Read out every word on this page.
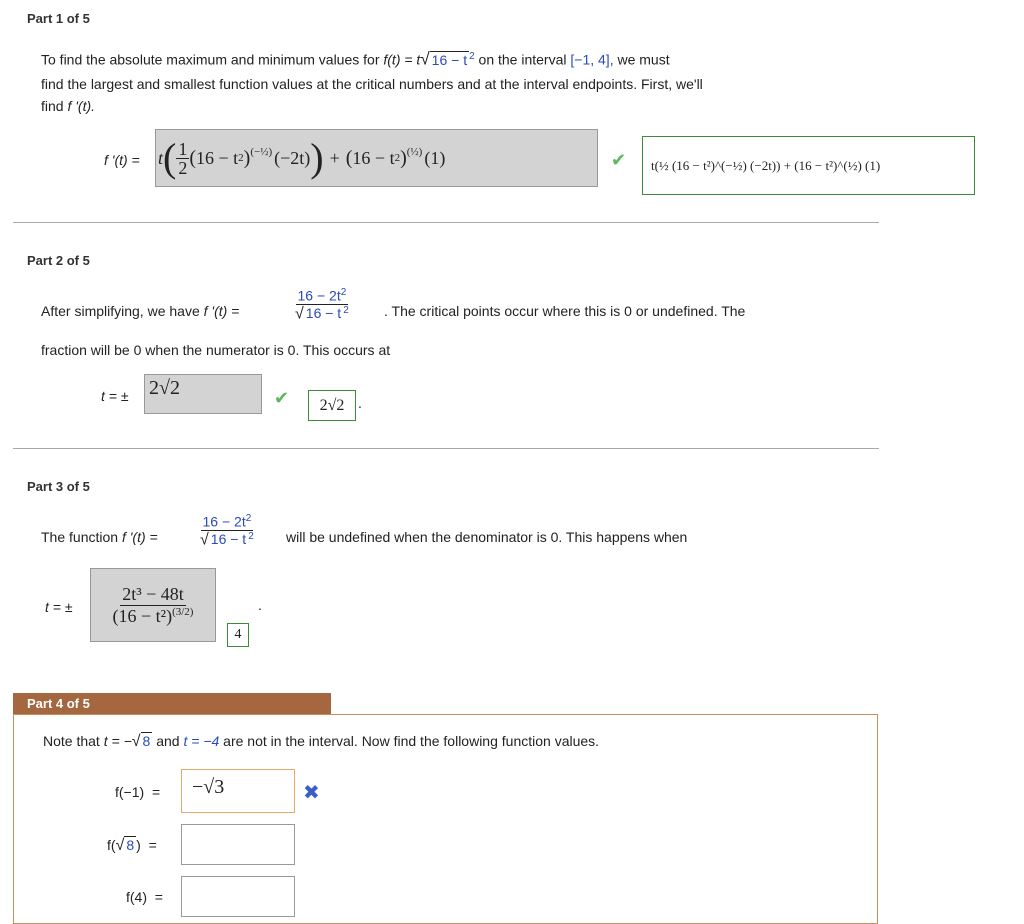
Part 1 of 5
To find the absolute maximum and minimum values for f(t) = t√ 16 − t $^2$ on the interval [−1, 4], we must
find the largest and smallest function values at the critical numbers and at the interval endpoints. First, we'll
find f '(t).
f '(t) = t ( $\frac{1}{2}$ ( 16 − t 2 )$^{(-\frac{1}{2})}$ (−2t) ) + ( 16 − t 2 )$^{(\frac{1}{2})}$ (1)	✔ t(½ (16 − t²)^(−½) (−2t)) + (16 − t²)^(½) (1)
Part 2 of 5
After simplifying, we have f '(t) =
$16 - 2t^2$
√ 16 − t $^2$	. The critical points occur where this is 0 or undefined. The
fraction will be 0 when the numerator is 0. This occurs at
t = ± 2√2	✔	2√2 .
Part 3 of 5
The function f '(t) =
$16 - 2t^2$
√ 16 − t $^2$ will be undefined when the denominator is 0. This happens when
t = ±
2t³ − 48t
$(16 - t^2)^{(3/2)}$
4
.
Part 4 of 5
Note that t = −√ 8 and t = −4 are not in the interval. Now find the following function values.
f(−1)  =	−√3	✖
f(√ 8 )  =
f(4)  =
